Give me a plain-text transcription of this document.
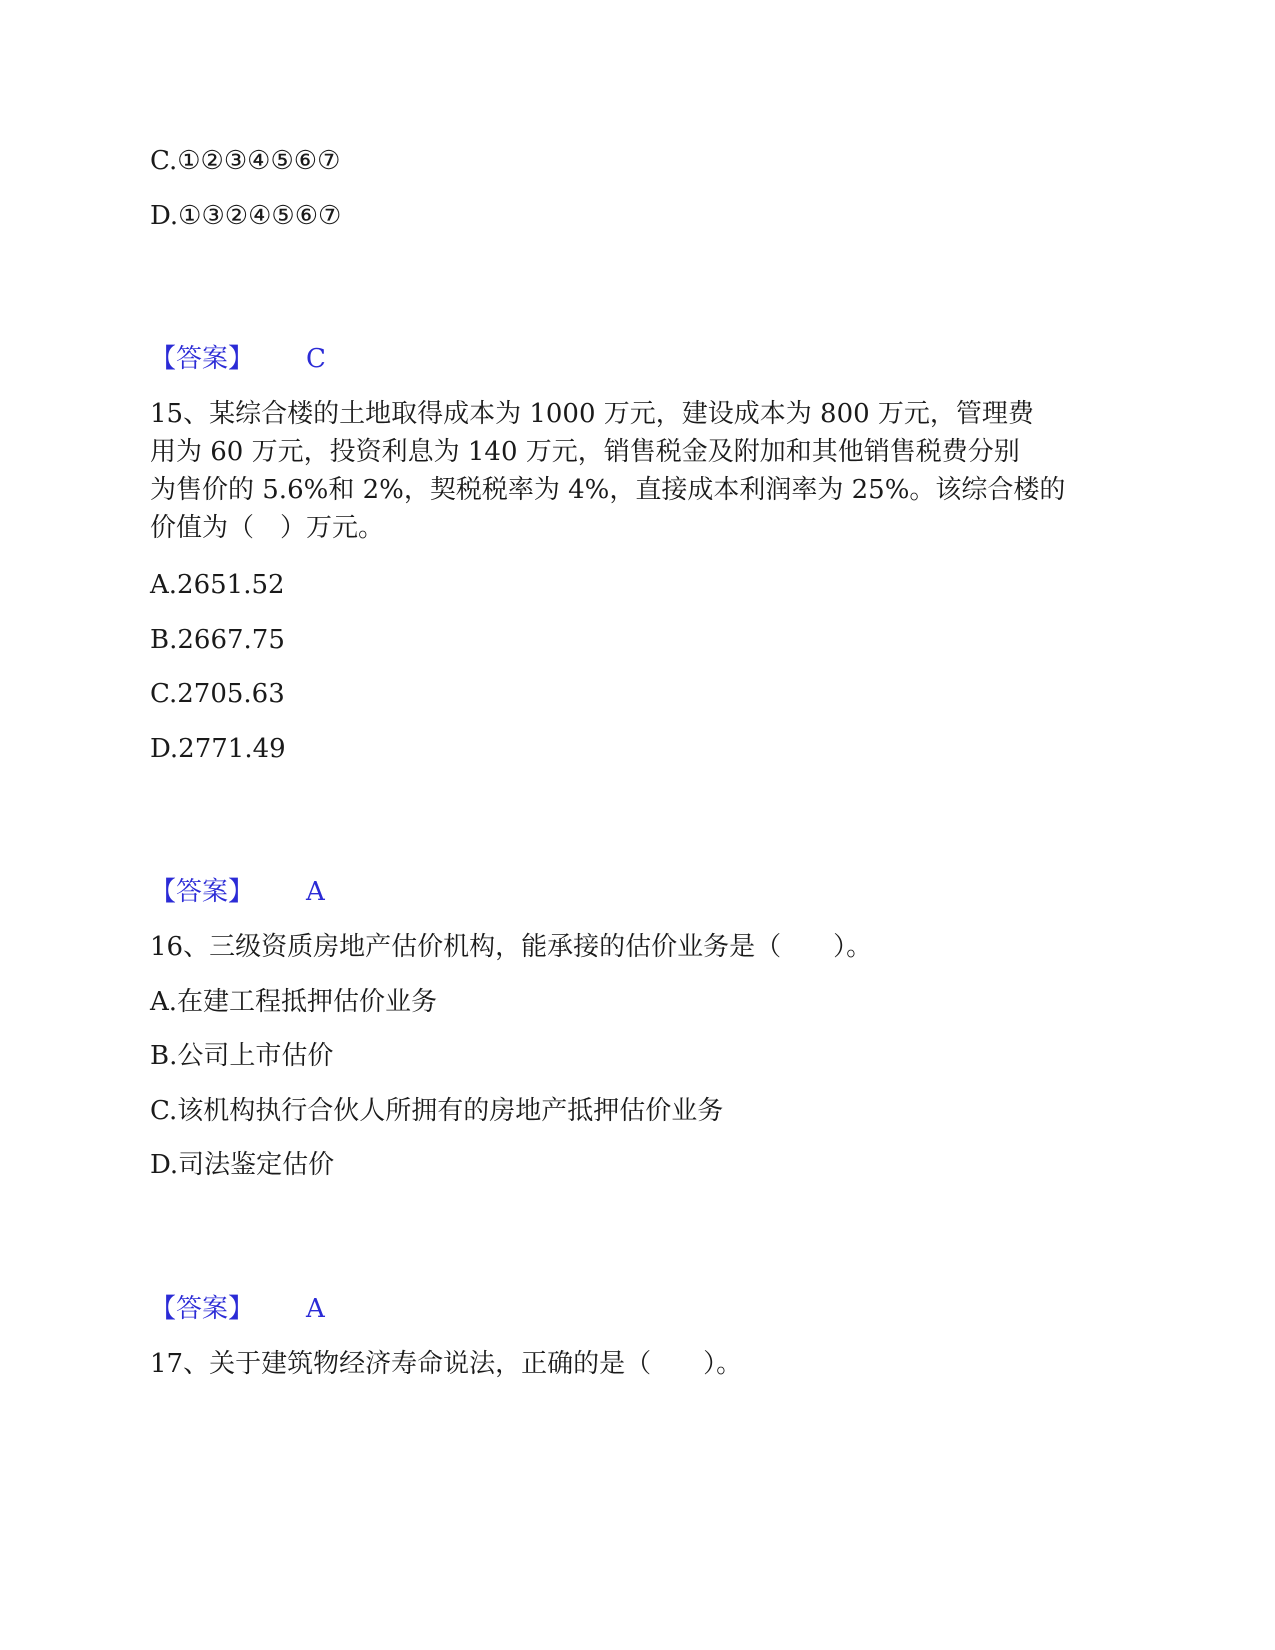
C.①②③④⑤⑥⑦
D.①③②④⑤⑥⑦
【答案】 C
15、某综合楼的土地取得成本为 1000 万元，建设成本为 800 万元，管理费
用为 60 万元，投资利息为 140 万元，销售税金及附加和其他销售税费分别
为售价的 5.6%和 2%，契税税率为 4%，直接成本利润率为 25%。该综合楼的
价值为（　）万元。
A.2651.52
B.2667.75
C.2705.63
D.2771.49
【答案】 A
16、三级资质房地产估价机构，能承接的估价业务是（　　）。
A.在建工程抵押估价业务
B.公司上市估价
C.该机构执行合伙人所拥有的房地产抵押估价业务
D.司法鉴定估价
【答案】 A
17、关于建筑物经济寿命说法，正确的是（　　）。
